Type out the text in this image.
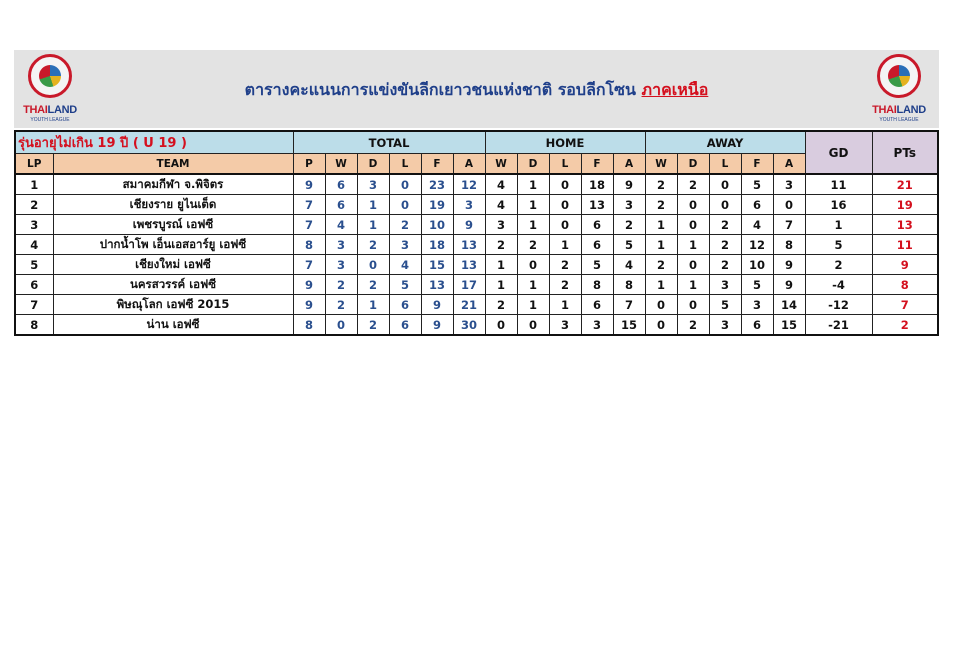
THAILAND
YOUTH LEAGUE
ตารางคะแนนการแข่งขันลีกเยาวชนแห่งชาติ รอบลีกโซน ภาคเหนือ
THAILAND
YOUTH LEAGUE
รุ่นอายุไม่เกิน 19 ปี ( U 19 )		TOTAL						HOME					AWAY					GD	PTs
LP	TEAM	P	W	D	L	F	A	W	D	L	F	A	W	D	L	F	A		
1	สมาคมกีฬา จ.พิจิตร	9	6	3	0	23	12	4	1	0	18	9	2	2	0	5	3	11	21
2	เชียงราย ยูไนเต็ด	7	6	1	0	19	3	4	1	0	13	3	2	0	0	6	0	16	19
3	เพชรบูรณ์ เอฟซี	7	4	1	2	10	9	3	1	0	6	2	1	0	2	4	7	1	13
4	ปากน้ำโพ เอ็นเอสอาร์ยู เอฟซี	8	3	2	3	18	13	2	2	1	6	5	1	1	2	12	8	5	11
5	เชียงใหม่ เอฟซี	7	3	0	4	15	13	1	0	2	5	4	2	0	2	10	9	2	9
6	นครสวรรค์ เอฟซี	9	2	2	5	13	17	1	1	2	8	8	1	1	3	5	9	-4	8
7	พิษณุโลก เอฟซี 2015	9	2	1	6	9	21	2	1	1	6	7	0	0	5	3	14	-12	7
8	น่าน เอฟซี	8	0	2	6	9	30	0	0	3	3	15	0	2	3	6	15	-21	2
